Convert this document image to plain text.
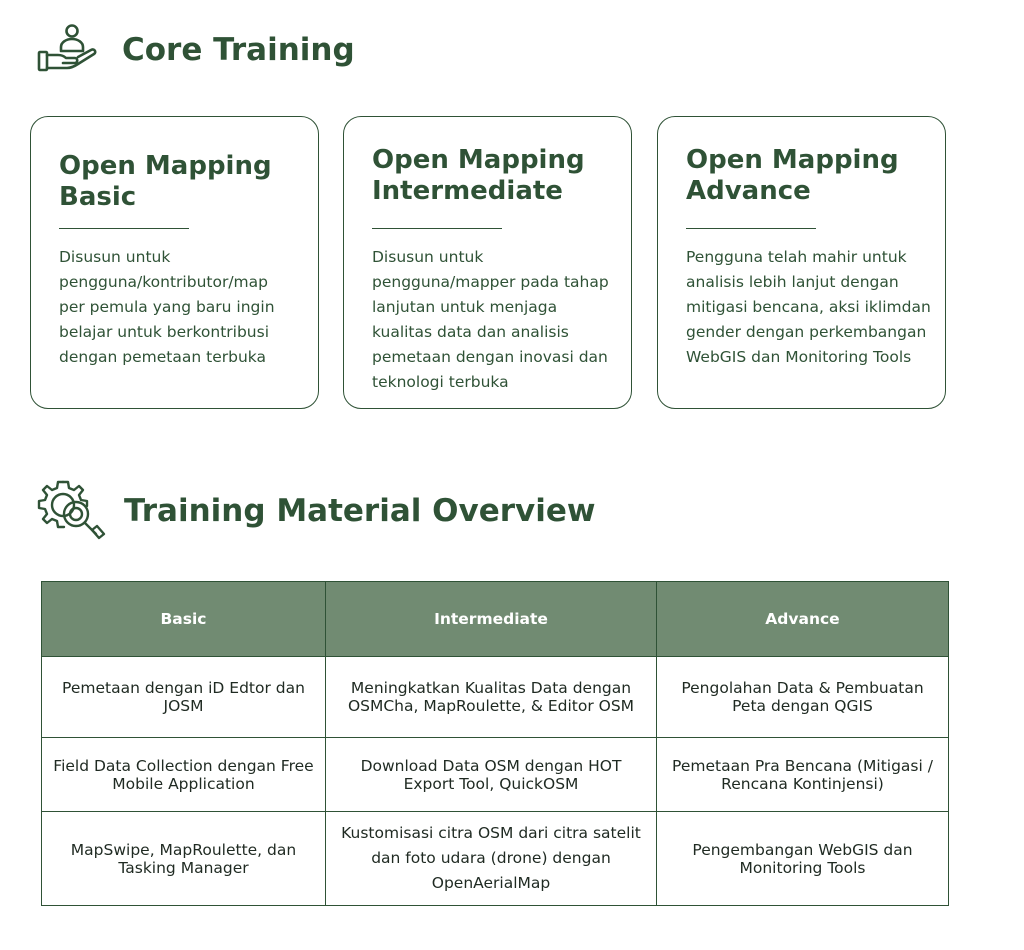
Core Training
Open Mapping Basic

Disusun untuk pengguna/kontributor/map per pemula yang baru ingin belajar untuk berkontribusi dengan pemetaan terbuka

Open Mapping Intermediate

Disusun untuk pengguna/mapper pada tahap lanjutan untuk menjaga kualitas data dan analisis pemetaan dengan inovasi dan teknologi terbuka

Open Mapping Advance

Pengguna telah mahir untuk analisis lebih lanjut dengan mitigasi bencana, aksi iklimdan gender dengan perkembangan WebGIS dan Monitoring Tools

Training Material Overview
Basic	Intermediate	Advance
Pemetaan dengan iD Edtor dan JOSM	Meningkatkan Kualitas Data dengan OSMCha, MapRoulette, & Editor OSM	Pengolahan Data & Pembuatan Peta dengan QGIS
Field Data Collection dengan Free Mobile Application	Download Data OSM dengan HOT Export Tool, QuickOSM	Pemetaan Pra Bencana (Mitigasi / Rencana Kontinjensi)
MapSwipe, MapRoulette, dan Tasking Manager	Kustomisasi citra OSM dari citra satelit dan foto udara (drone) dengan OpenAerialMap	Pengembangan WebGIS dan Monitoring Tools
